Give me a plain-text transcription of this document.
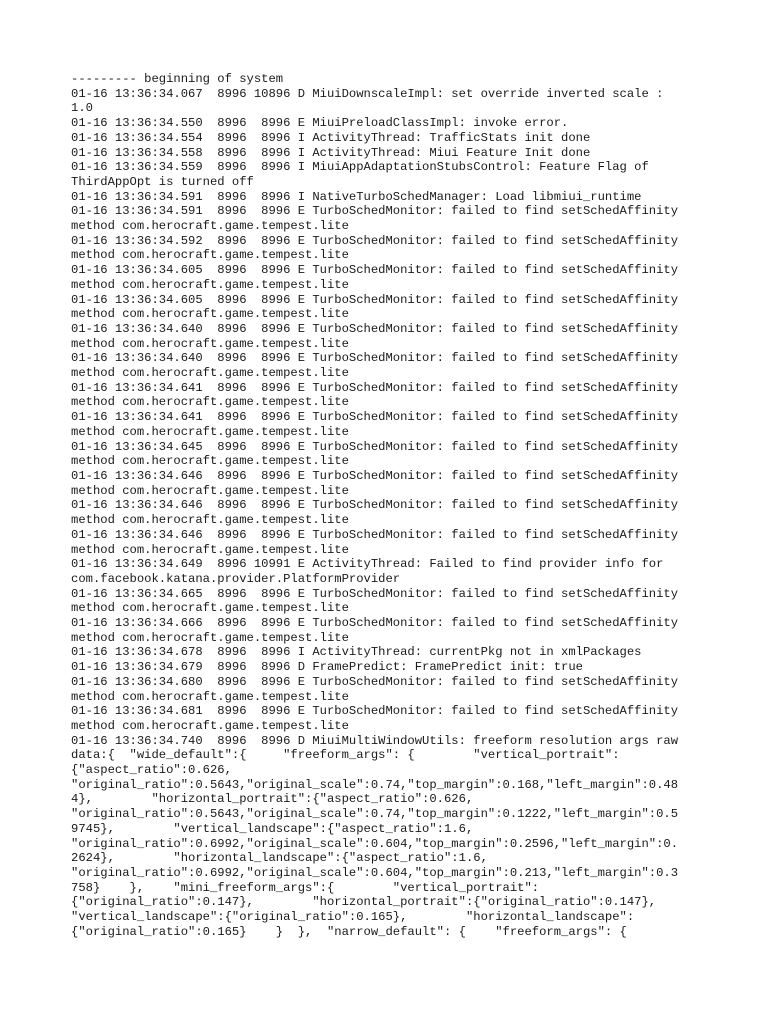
--------- beginning of system
01-16 13:36:34.067  8996 10896 D MiuiDownscaleImpl: set override inverted scale :
1.0
01-16 13:36:34.550  8996  8996 E MiuiPreloadClassImpl: invoke error.
01-16 13:36:34.554  8996  8996 I ActivityThread: TrafficStats init done
01-16 13:36:34.558  8996  8996 I ActivityThread: Miui Feature Init done
01-16 13:36:34.559  8996  8996 I MiuiAppAdaptationStubsControl: Feature Flag of
ThirdAppOpt is turned off
01-16 13:36:34.591  8996  8996 I NativeTurboSchedManager: Load libmiui_runtime
01-16 13:36:34.591  8996  8996 E TurboSchedMonitor: failed to find setSchedAffinity
method com.herocraft.game.tempest.lite
01-16 13:36:34.592  8996  8996 E TurboSchedMonitor: failed to find setSchedAffinity
method com.herocraft.game.tempest.lite
01-16 13:36:34.605  8996  8996 E TurboSchedMonitor: failed to find setSchedAffinity
method com.herocraft.game.tempest.lite
01-16 13:36:34.605  8996  8996 E TurboSchedMonitor: failed to find setSchedAffinity
method com.herocraft.game.tempest.lite
01-16 13:36:34.640  8996  8996 E TurboSchedMonitor: failed to find setSchedAffinity
method com.herocraft.game.tempest.lite
01-16 13:36:34.640  8996  8996 E TurboSchedMonitor: failed to find setSchedAffinity
method com.herocraft.game.tempest.lite
01-16 13:36:34.641  8996  8996 E TurboSchedMonitor: failed to find setSchedAffinity
method com.herocraft.game.tempest.lite
01-16 13:36:34.641  8996  8996 E TurboSchedMonitor: failed to find setSchedAffinity
method com.herocraft.game.tempest.lite
01-16 13:36:34.645  8996  8996 E TurboSchedMonitor: failed to find setSchedAffinity
method com.herocraft.game.tempest.lite
01-16 13:36:34.646  8996  8996 E TurboSchedMonitor: failed to find setSchedAffinity
method com.herocraft.game.tempest.lite
01-16 13:36:34.646  8996  8996 E TurboSchedMonitor: failed to find setSchedAffinity
method com.herocraft.game.tempest.lite
01-16 13:36:34.646  8996  8996 E TurboSchedMonitor: failed to find setSchedAffinity
method com.herocraft.game.tempest.lite
01-16 13:36:34.649  8996 10991 E ActivityThread: Failed to find provider info for
com.facebook.katana.provider.PlatformProvider
01-16 13:36:34.665  8996  8996 E TurboSchedMonitor: failed to find setSchedAffinity
method com.herocraft.game.tempest.lite
01-16 13:36:34.666  8996  8996 E TurboSchedMonitor: failed to find setSchedAffinity
method com.herocraft.game.tempest.lite
01-16 13:36:34.678  8996  8996 I ActivityThread: currentPkg not in xmlPackages
01-16 13:36:34.679  8996  8996 D FramePredict: FramePredict init: true
01-16 13:36:34.680  8996  8996 E TurboSchedMonitor: failed to find setSchedAffinity
method com.herocraft.game.tempest.lite
01-16 13:36:34.681  8996  8996 E TurboSchedMonitor: failed to find setSchedAffinity
method com.herocraft.game.tempest.lite
01-16 13:36:34.740  8996  8996 D MiuiMultiWindowUtils: freeform resolution args raw
data:{  "wide_default":{     "freeform_args": {        "vertical_portrait":
{"aspect_ratio":0.626,
"original_ratio":0.5643,"original_scale":0.74,"top_margin":0.168,"left_margin":0.48
4},        "horizontal_portrait":{"aspect_ratio":0.626,
"original_ratio":0.5643,"original_scale":0.74,"top_margin":0.1222,"left_margin":0.5
9745},        "vertical_landscape":{"aspect_ratio":1.6,
"original_ratio":0.6992,"original_scale":0.604,"top_margin":0.2596,"left_margin":0.
2624},        "horizontal_landscape":{"aspect_ratio":1.6,
"original_ratio":0.6992,"original_scale":0.604,"top_margin":0.213,"left_margin":0.3
758}    },    "mini_freeform_args":{        "vertical_portrait":
{"original_ratio":0.147},        "horizontal_portrait":{"original_ratio":0.147},
"vertical_landscape":{"original_ratio":0.165},        "horizontal_landscape":
{"original_ratio":0.165}    }  },  "narrow_default": {    "freeform_args": {
